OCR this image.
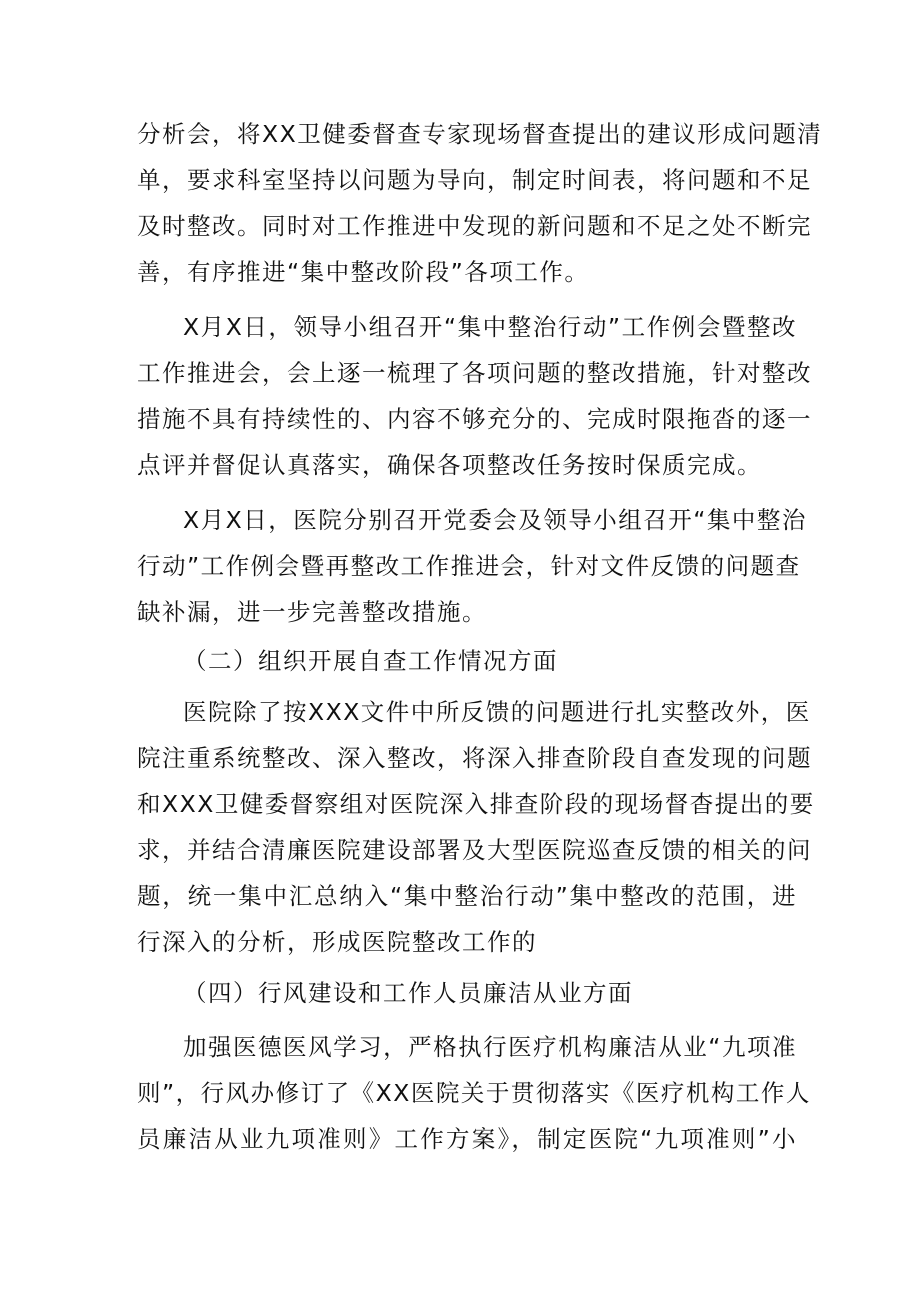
分析会，将XX卫健委督查专家现场督查提出的建议形成问题清
单，要求科室坚持以问题为导向，制定时间表，将问题和不足
及时整改。同时对工作推进中发现的新问题和不足之处不断完
善，有序推进“集中整改阶段”各项工作。
X月X日，领导小组召开“集中整治行动”工作例会暨整改
工作推进会，会上逐一梳理了各项问题的整改措施，针对整改
措施不具有持续性的、内容不够充分的、完成时限拖沓的逐一
点评并督促认真落实，确保各项整改任务按时保质完成。
X月X日，医院分别召开党委会及领导小组召开“集中整治
行动”工作例会暨再整改工作推进会，针对文件反馈的问题查
缺补漏，进一步完善整改措施。
（二）组织开展自查工作情况方面
医院除了按XXX文件中所反馈的问题进行扎实整改外，医
院注重系统整改、深入整改，将深入排查阶段自查发现的问题
和XXX卫健委督察组对医院深入排查阶段的现场督杳提出的要
求，并结合清廉医院建设部署及大型医院巡查反馈的相关的问
题，统一集中汇总纳入“集中整治行动”集中整改的范围，进
行深入的分析，形成医院整改工作的
（四）行风建设和工作人员廉洁从业方面
加强医德医风学习，严格执行医疗机构廉洁从业“九项准
则”，行风办修订了《XX医院关于贯彻落实《医疗机构工作人
员廉洁从业九项准则》工作方案》，制定医院“九项准则”小
